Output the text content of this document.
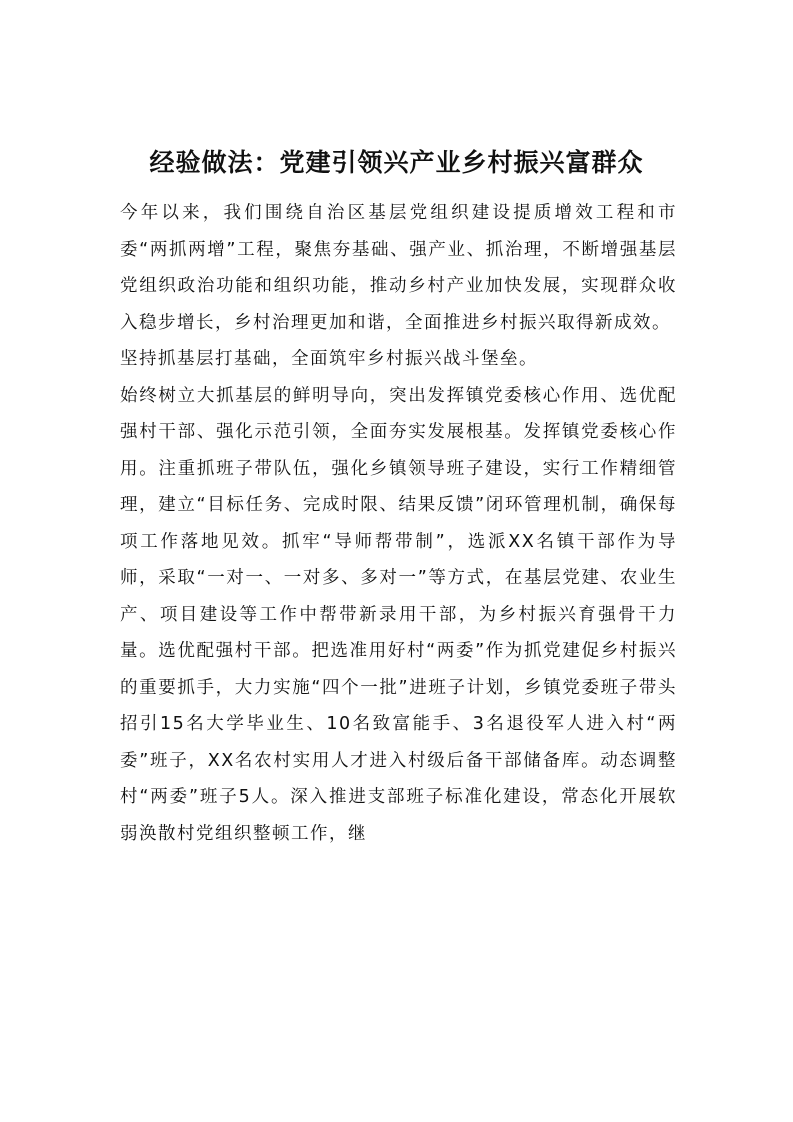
经验做法：党建引领兴产业乡村振兴富群众

今年以来，我们围绕自治区基层党组织建设提质增效工程和市委“两抓两增”工程，聚焦夯基础、强产业、抓治理，不断增强基层党组织政治功能和组织功能，推动乡村产业加快发展，实现群众收入稳步增长，乡村治理更加和谐，全面推进乡村振兴取得新成效。

坚持抓基层打基础，全面筑牢乡村振兴战斗堡垒。

始终树立大抓基层的鲜明导向，突出发挥镇党委核心作用、选优配强村干部、强化示范引领，全面夯实发展根基。发挥镇党委核心作用。注重抓班子带队伍，强化乡镇领导班子建设，实行工作精细管理，建立“目标任务、完成时限、结果反馈”闭环管理机制，确保每项工作落地见效。抓牢“导师帮带制”，选派XX名镇干部作为导师，采取“一对一、一对多、多对一”等方式，在基层党建、农业生产、项目建设等工作中帮带新录用干部，为乡村振兴育强骨干力量。选优配强村干部。把选准用好村“两委”作为抓党建促乡村振兴的重要抓手，大力实施“四个一批”进班子计划，乡镇党委班子带头招引15名大学毕业生、10名致富能手、3名退役军人进入村“两委”班子，XX名农村实用人才进入村级后备干部储备库。动态调整村“两委”班子5人。深入推进支部班子标准化建设，常态化开展软弱涣散村党组织整顿工作，继
